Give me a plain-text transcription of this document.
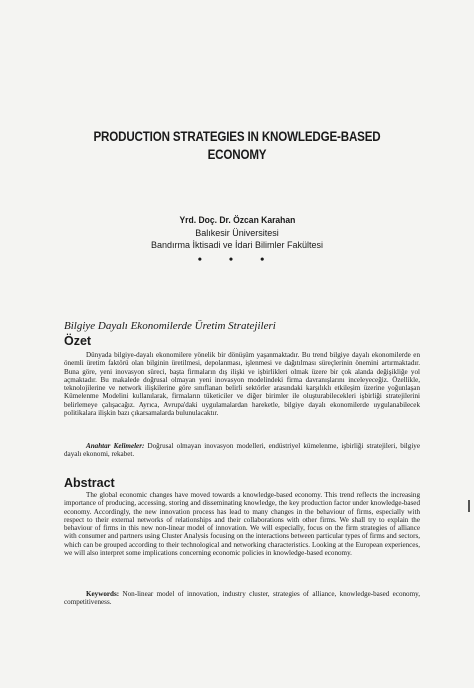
PRODUCTION STRATEGIES IN KNOWLEDGE-BASED
ECONOMY
Yrd. Doç. Dr. Özcan Karahan
Balıkesir Üniversitesi
Bandırma İktisadi ve İdari Bilimler Fakültesi
• • •
Bilgiye Dayalı Ekonomilerde Üretim Stratejileri
Özet

Dünyada bilgiye-dayalı ekonomilere yönelik bir dönüşüm yaşanmaktadır. Bu trend bilgiye dayalı ekonomilerde en önemli üretim faktörü olan bilginin üretilmesi, depolanması, işlenmesi ve dağıtılması süreçlerinin önemini artırmaktadır. Buna göre, yeni inovasyon süreci, başta firmaların dış ilişki ve işbirlikleri olmak üzere bir çok alanda değişikliğe yol açmaktadır. Bu makalede doğrusal olmayan yeni inovasyon modelindeki firma davranışlarını inceleyeceğiz. Özellikle, teknolojilerine ve network ilişkilerine göre sınıflanan belirli sektörler arasındaki karşılıklı etkileşim üzerine yoğunlaşan Kümelenme Modelini kullanılarak, firmaların tüketiciler ve diğer birimler ile oluşturabilecekleri işbirliği stratejilerini belirlemeye çalışacağız. Ayrıca, Avrupa'daki uygulamalardan hareketle, bilgiye dayalı ekonomilerde uygulanabilecek politikalara ilişkin bazı çıkarsamalarda bulunulacaktır.

Anahtar Kelimeler: Doğrusal olmayan inovasyon modelleri, endüstriyel kümelenme, işbirliği stratejileri, bilgiye dayalı ekonomi, rekabet.

Abstract

The global economic changes have moved towards a knowledge-based economy. This trend reflects the increasing importance of producing, accessing, storing and disseminating knowledge, the key production factor under knowledge-based economy. Accordingly, the new innovation process has lead to many changes in the behaviour of firms, especially with respect to their external networks of relationships and their collaborations with other firms. We shall try to explain the behaviour of firms in this new non-linear model of innovation. We will especially, focus on the firm strategies of alliance with consumer and partners using Cluster Analysis focusing on the interactions between particular types of firms and sectors, which can be grouped according to their technological and networking characteristics. Looking at the European experiences, we will also interpret some implications concerning economic policies in knowledge-based economy.

Keywords: Non-linear model of innovation, industry cluster, strategies of alliance, knowledge-based economy, competitiveness.
